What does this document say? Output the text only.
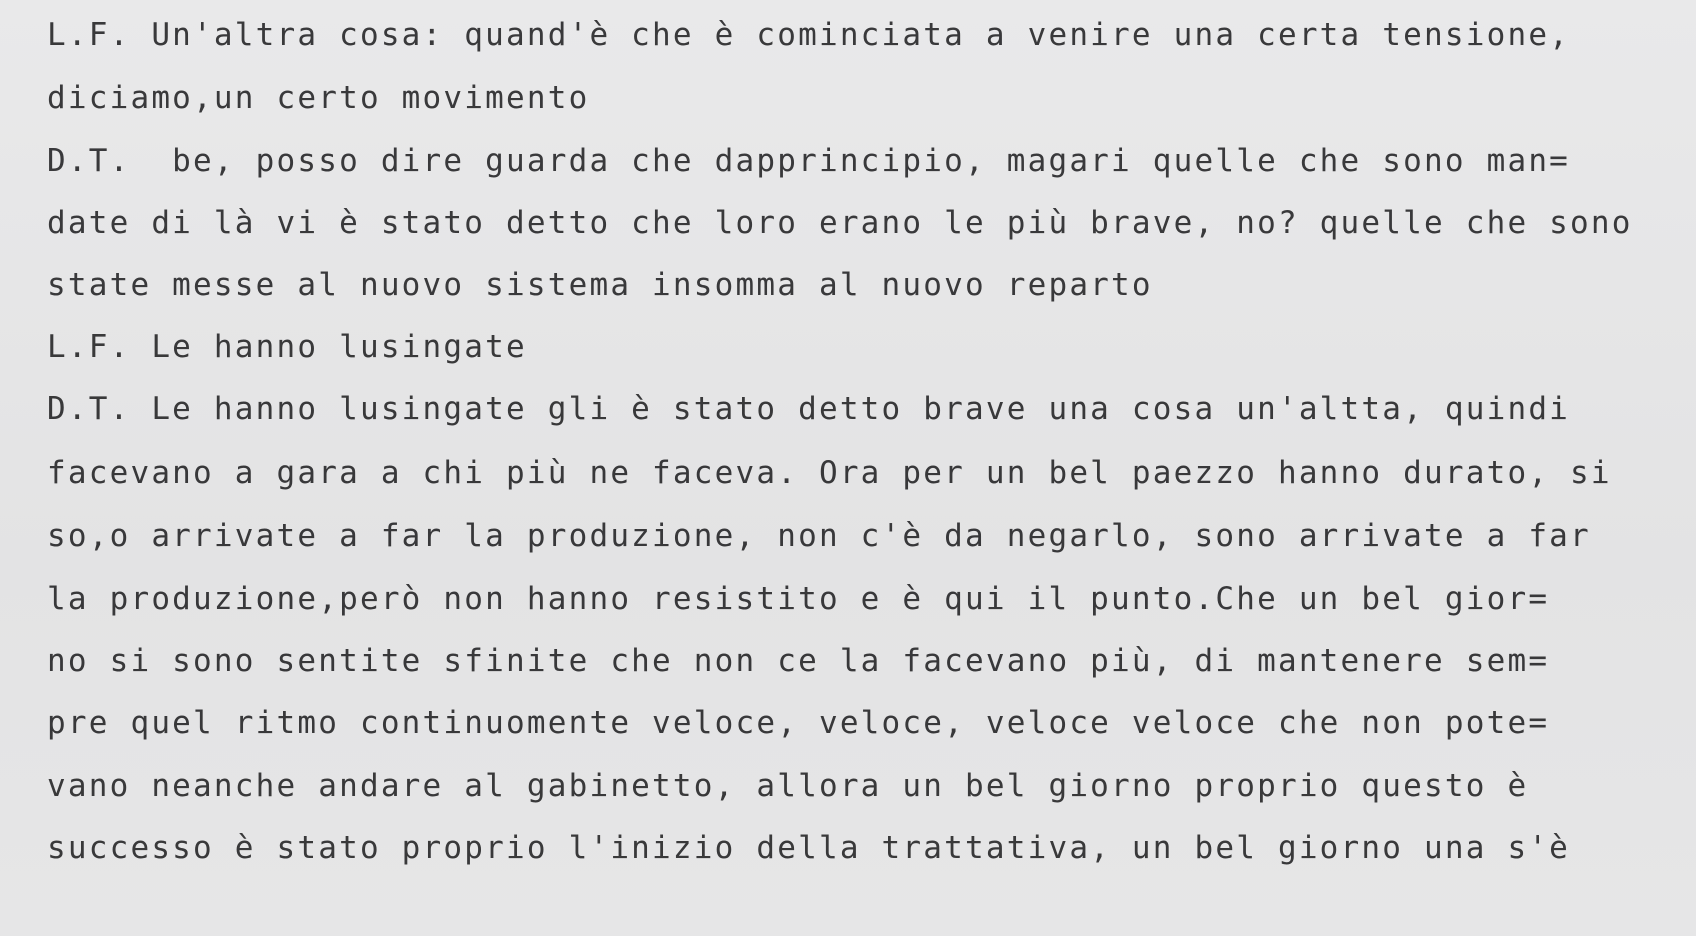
L.F. Un'altra cosa: quand'è che è cominciata a venire una certa tensione,
diciamo,un certo movimento
D.T.  be, posso dire guarda che dapprincipio, magari quelle che sono man=
date di là vi è stato detto che loro erano le più brave, no? quelle che sono
state messe al nuovo sistema insomma al nuovo reparto
L.F. Le hanno lusingate
D.T. Le hanno lusingate gli è stato detto brave una cosa un'altta, quindi
facevano a gara a chi più ne faceva. Ora per un bel paezzo hanno durato, si
so,o arrivate a far la produzione, non c'è da negarlo, sono arrivate a far
la produzione,però non hanno resistito e è qui il punto.Che un bel gior=
no si sono sentite sfinite che non ce la facevano più, di mantenere sem=
pre quel ritmo continuomente veloce, veloce, veloce veloce che non pote=
vano neanche andare al gabinetto, allora un bel giorno proprio questo è
successo è stato proprio l'inizio della trattativa, un bel giorno una s'è
